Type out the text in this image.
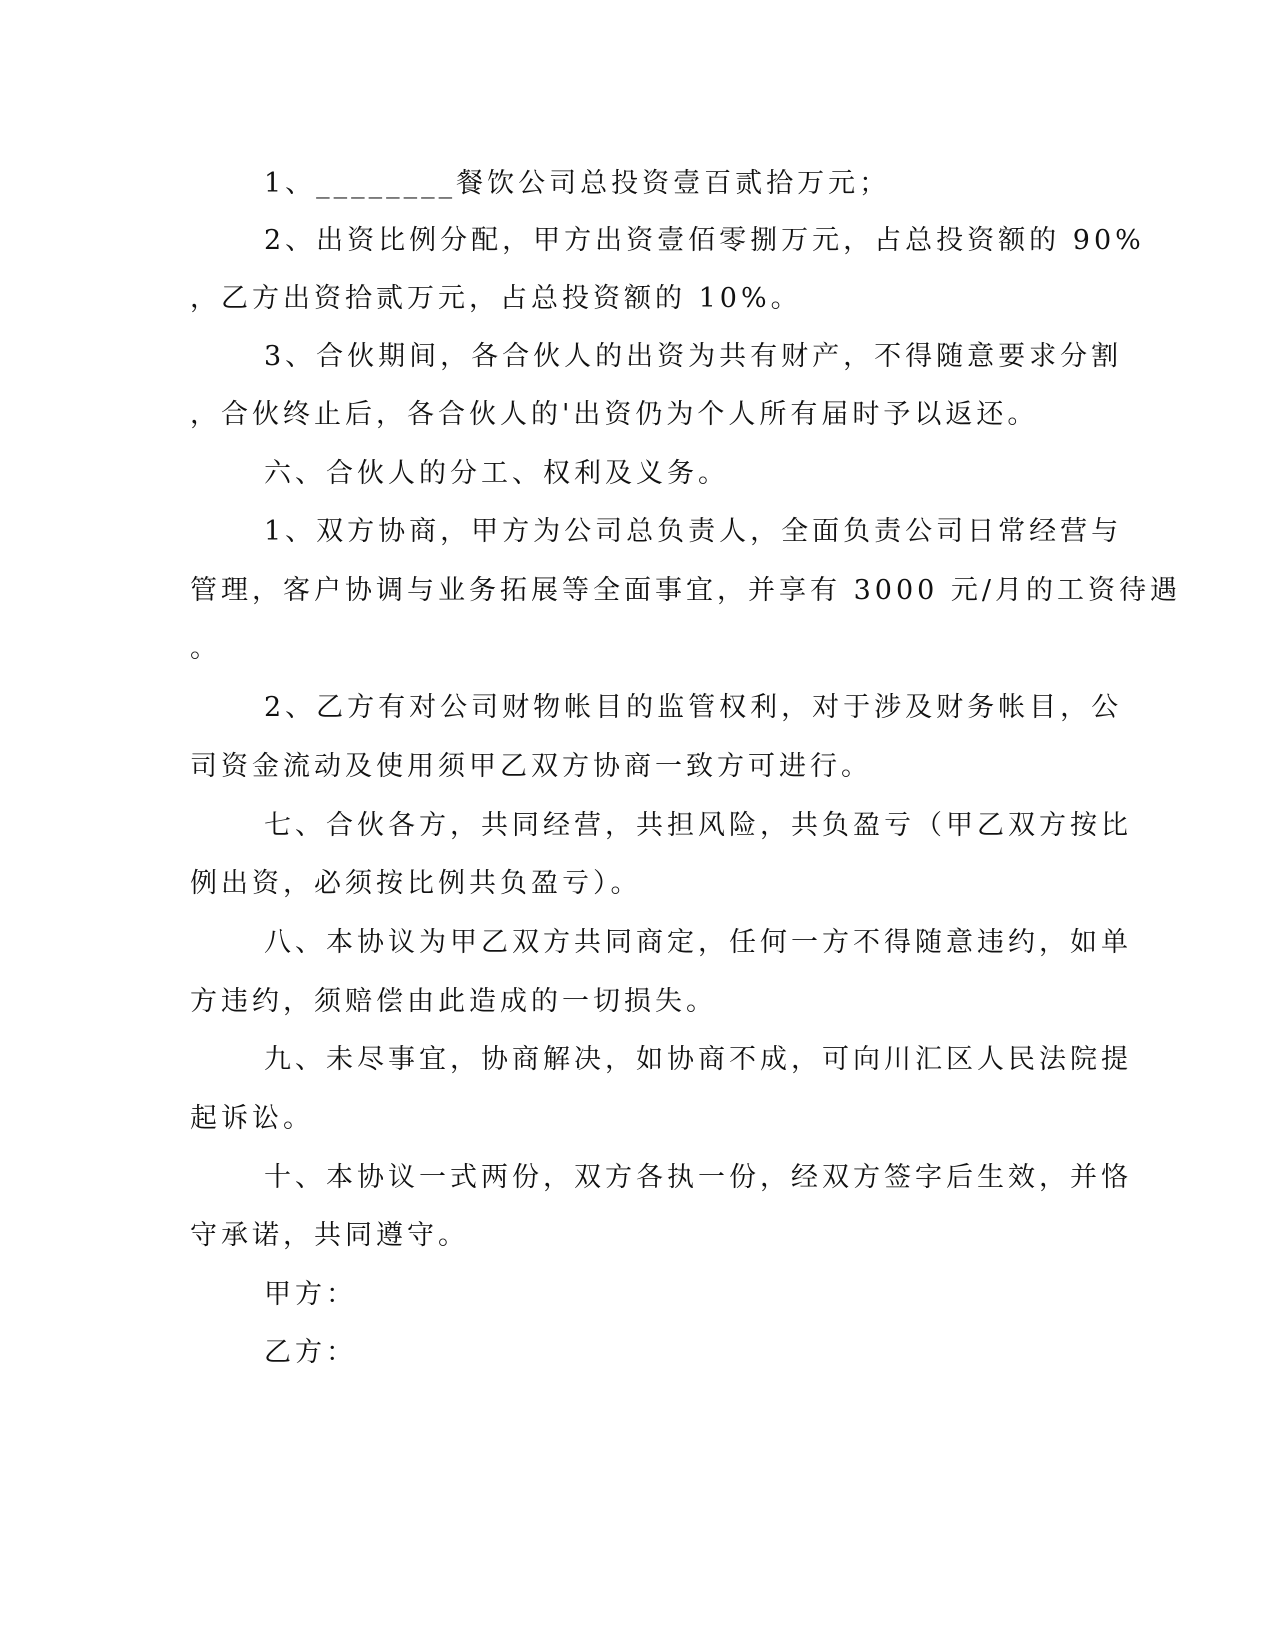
1、________餐饮公司总投资壹百贰拾万元；
2、出资比例分配，甲方出资壹佰零捌万元，占总投资额的 90%
，乙方出资拾贰万元，占总投资额的 10%。
3、合伙期间，各合伙人的出资为共有财产，不得随意要求分割
，合伙终止后，各合伙人的'出资仍为个人所有届时予以返还。
六、合伙人的分工、权利及义务。
1、双方协商，甲方为公司总负责人，全面负责公司日常经营与
管理，客户协调与业务拓展等全面事宜，并享有 3000 元/月的工资待遇
。
2、乙方有对公司财物帐目的监管权利，对于涉及财务帐目，公
司资金流动及使用须甲乙双方协商一致方可进行。
七、合伙各方，共同经营，共担风险，共负盈亏（甲乙双方按比
例出资，必须按比例共负盈亏）。
八、本协议为甲乙双方共同商定，任何一方不得随意违约，如单
方违约，须赔偿由此造成的一切损失。
九、未尽事宜，协商解决，如协商不成，可向川汇区人民法院提
起诉讼。
十、本协议一式两份，双方各执一份，经双方签字后生效，并恪
守承诺，共同遵守。
甲方：
乙方：
